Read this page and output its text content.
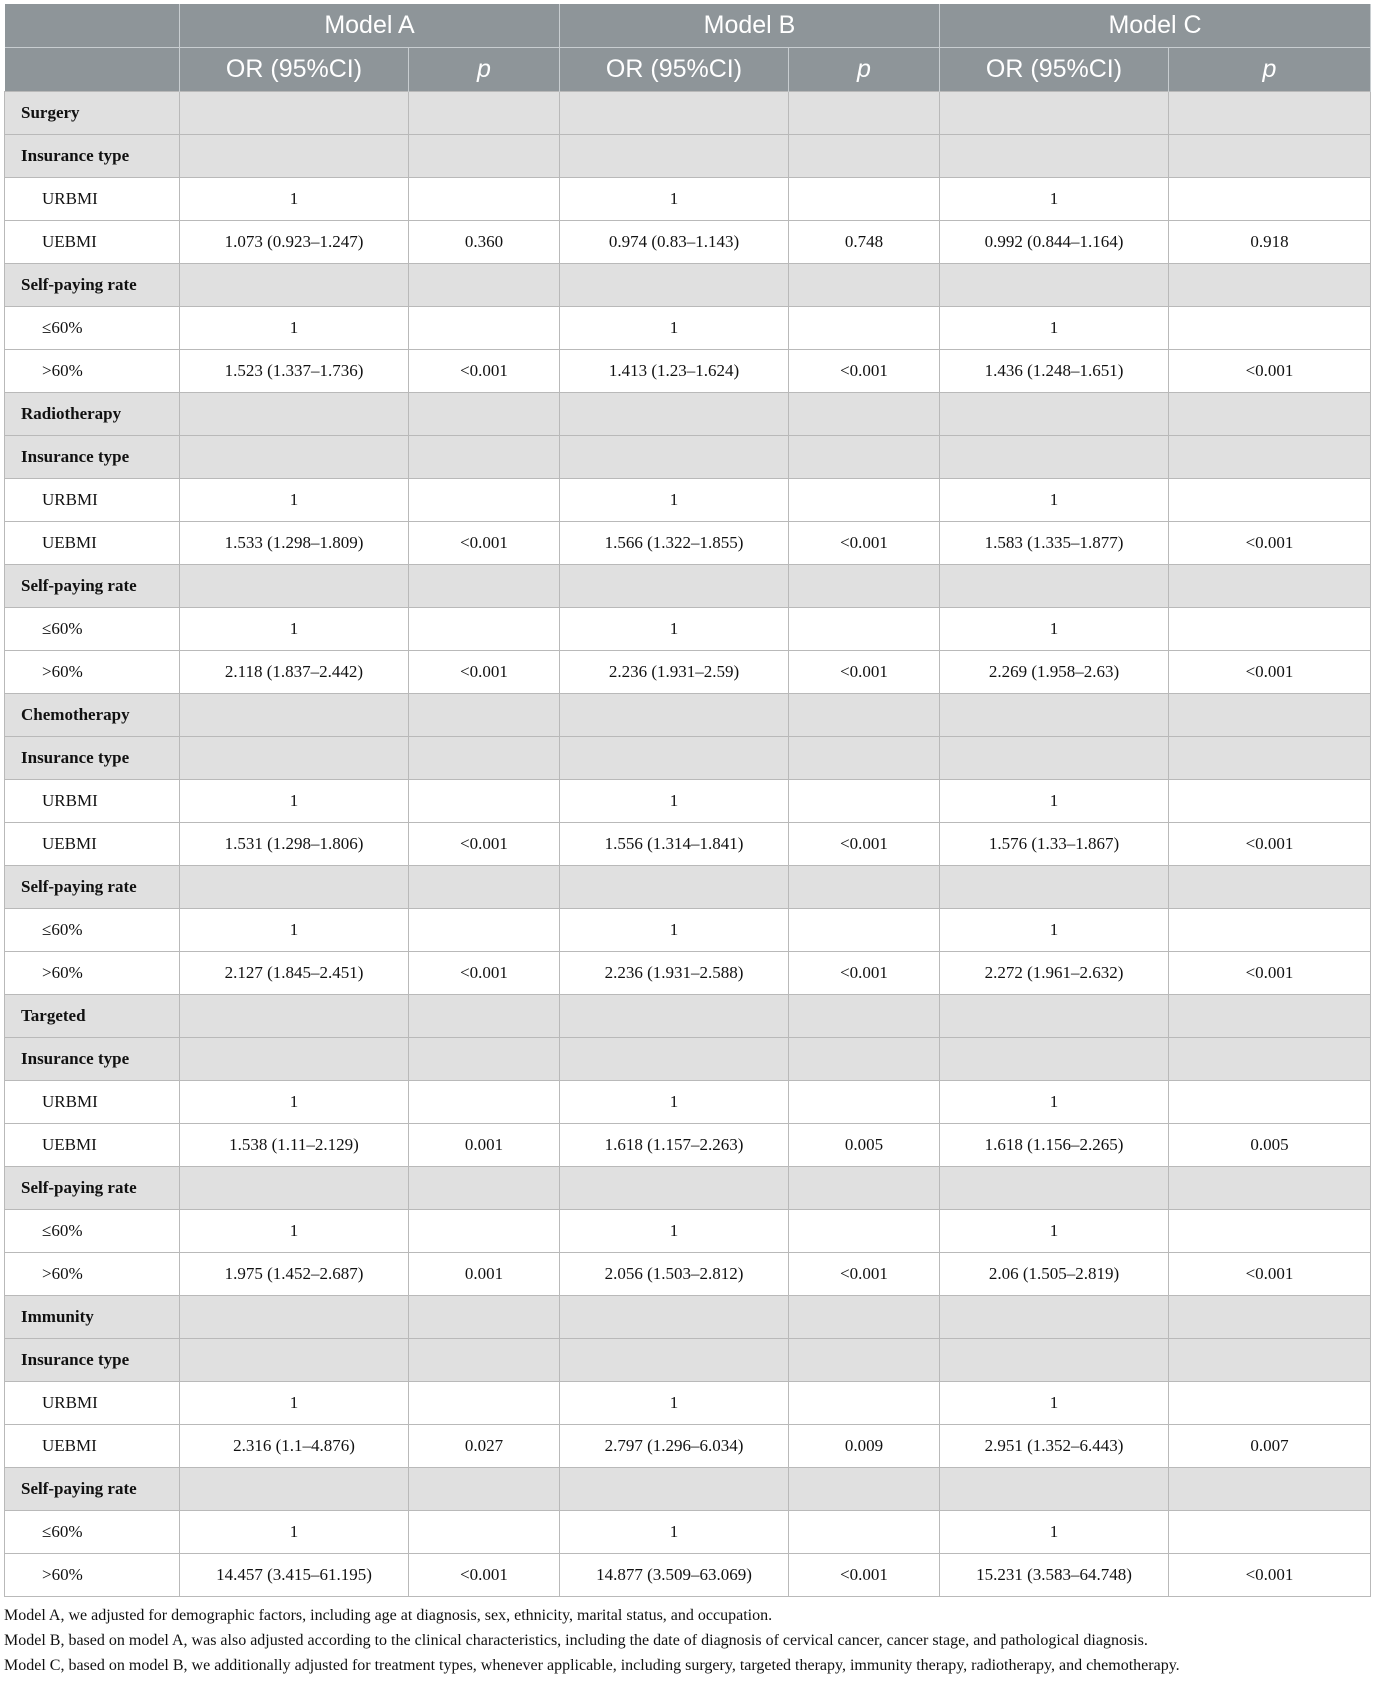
	Model A		Model B		Model C	
	OR (95%CI)	p	OR (95%CI)	p	OR (95%CI)	p
Surgery						
Insurance type						
URBMI	1		1		1	
UEBMI	1.073 (0.923–1.247)	0.360	0.974 (0.83–1.143)	0.748	0.992 (0.844–1.164)	0.918
Self-paying rate						
≤60%	1		1		1	
>60%	1.523 (1.337–1.736)	<0.001	1.413 (1.23–1.624)	<0.001	1.436 (1.248–1.651)	<0.001
Radiotherapy						
Insurance type						
URBMI	1		1		1	
UEBMI	1.533 (1.298–1.809)	<0.001	1.566 (1.322–1.855)	<0.001	1.583 (1.335–1.877)	<0.001
Self-paying rate						
≤60%	1		1		1	
>60%	2.118 (1.837–2.442)	<0.001	2.236 (1.931–2.59)	<0.001	2.269 (1.958–2.63)	<0.001
Chemotherapy						
Insurance type						
URBMI	1		1		1	
UEBMI	1.531 (1.298–1.806)	<0.001	1.556 (1.314–1.841)	<0.001	1.576 (1.33–1.867)	<0.001
Self-paying rate						
≤60%	1		1		1	
>60%	2.127 (1.845–2.451)	<0.001	2.236 (1.931–2.588)	<0.001	2.272 (1.961–2.632)	<0.001
Targeted						
Insurance type						
URBMI	1		1		1	
UEBMI	1.538 (1.11–2.129)	0.001	1.618 (1.157–2.263)	0.005	1.618 (1.156–2.265)	0.005
Self-paying rate						
≤60%	1		1		1	
>60%	1.975 (1.452–2.687)	0.001	2.056 (1.503–2.812)	<0.001	2.06 (1.505–2.819)	<0.001
Immunity						
Insurance type						
URBMI	1		1		1	
UEBMI	2.316 (1.1–4.876)	0.027	2.797 (1.296–6.034)	0.009	2.951 (1.352–6.443)	0.007
Self-paying rate						
≤60%	1		1		1	
>60%	14.457 (3.415–61.195)	<0.001	14.877 (3.509–63.069)	<0.001	15.231 (3.583–64.748)	<0.001
Model A, we adjusted for demographic factors, including age at diagnosis, sex, ethnicity, marital status, and occupation.
Model B, based on model A, was also adjusted according to the clinical characteristics, including the date of diagnosis of cervical cancer, cancer stage, and pathological diagnosis.
Model C, based on model B, we additionally adjusted for treatment types, whenever applicable, including surgery, targeted therapy, immunity therapy, radiotherapy, and chemotherapy.
